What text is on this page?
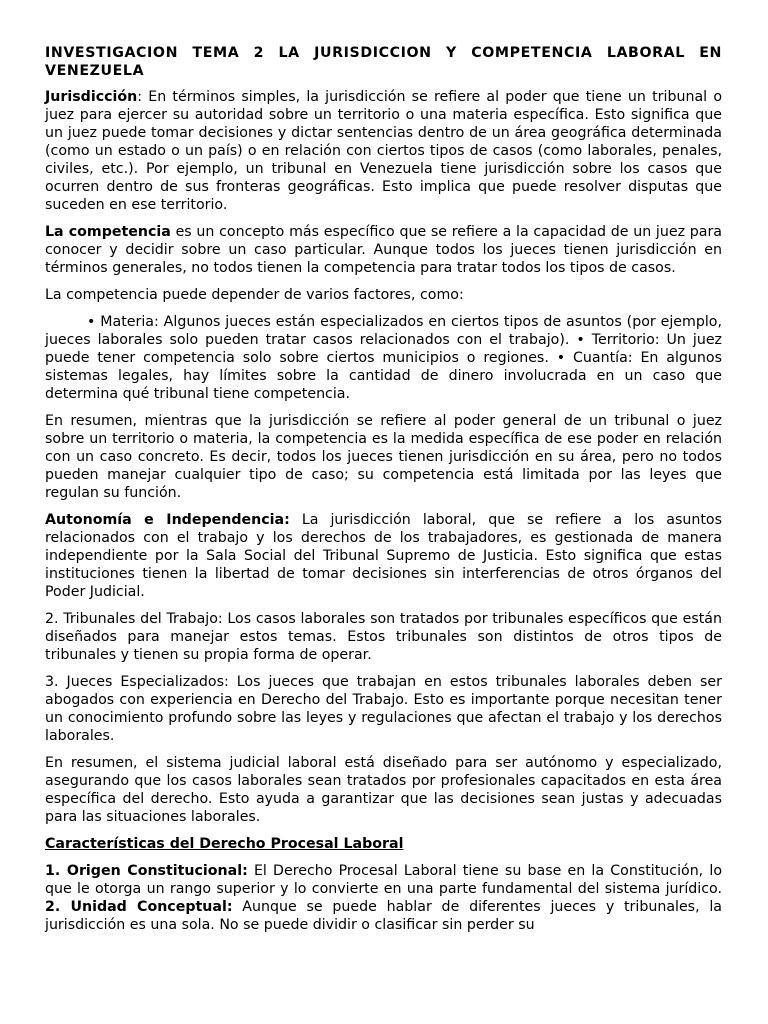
INVESTIGACION TEMA 2 LA JURISDICCION Y COMPETENCIA LABORAL EN VENEZUELA

Jurisdicción: En términos simples, la jurisdicción se refiere al poder que tiene un tribunal o juez para ejercer su autoridad sobre un territorio o una materia específica. Esto significa que un juez puede tomar decisiones y dictar sentencias dentro de un área geográfica determinada (como un estado o un país) o en relación con ciertos tipos de casos (como laborales, penales, civiles, etc.). Por ejemplo, un tribunal en Venezuela tiene jurisdicción sobre los casos que ocurren dentro de sus fronteras geográficas. Esto implica que puede resolver disputas que suceden en ese territorio.

La competencia es un concepto más específico que se refiere a la capacidad de un juez para conocer y decidir sobre un caso particular. Aunque todos los jueces tienen jurisdicción en términos generales, no todos tienen la competencia para tratar todos los tipos de casos.

La competencia puede depender de varios factores, como:

• Materia: Algunos jueces están especializados en ciertos tipos de asuntos (por ejemplo, jueces laborales solo pueden tratar casos relacionados con el trabajo). • Territorio: Un juez puede tener competencia solo sobre ciertos municipios o regiones. • Cuantía: En algunos sistemas legales, hay límites sobre la cantidad de dinero involucrada en un caso que determina qué tribunal tiene competencia.

En resumen, mientras que la jurisdicción se refiere al poder general de un tribunal o juez sobre un territorio o materia, la competencia es la medida específica de ese poder en relación con un caso concreto. Es decir, todos los jueces tienen jurisdicción en su área, pero no todos pueden manejar cualquier tipo de caso; su competencia está limitada por las leyes que regulan su función.

Autonomía e Independencia: La jurisdicción laboral, que se refiere a los asuntos relacionados con el trabajo y los derechos de los trabajadores, es gestionada de manera independiente por la Sala Social del Tribunal Supremo de Justicia. Esto significa que estas instituciones tienen la libertad de tomar decisiones sin interferencias de otros órganos del Poder Judicial.

2. Tribunales del Trabajo: Los casos laborales son tratados por tribunales específicos que están diseñados para manejar estos temas. Estos tribunales son distintos de otros tipos de tribunales y tienen su propia forma de operar.

3. Jueces Especializados: Los jueces que trabajan en estos tribunales laborales deben ser abogados con experiencia en Derecho del Trabajo. Esto es importante porque necesitan tener un conocimiento profundo sobre las leyes y regulaciones que afectan el trabajo y los derechos laborales.

En resumen, el sistema judicial laboral está diseñado para ser autónomo y especializado, asegurando que los casos laborales sean tratados por profesionales capacitados en esta área específica del derecho. Esto ayuda a garantizar que las decisiones sean justas y adecuadas para las situaciones laborales.

Características del Derecho Procesal Laboral

1. Origen Constitucional: El Derecho Procesal Laboral tiene su base en la Constitución, lo que le otorga un rango superior y lo convierte en una parte fundamental del sistema jurídico. 2. Unidad Conceptual: Aunque se puede hablar de diferentes jueces y tribunales, la jurisdicción es una sola. No se puede dividir o clasificar sin perder su
